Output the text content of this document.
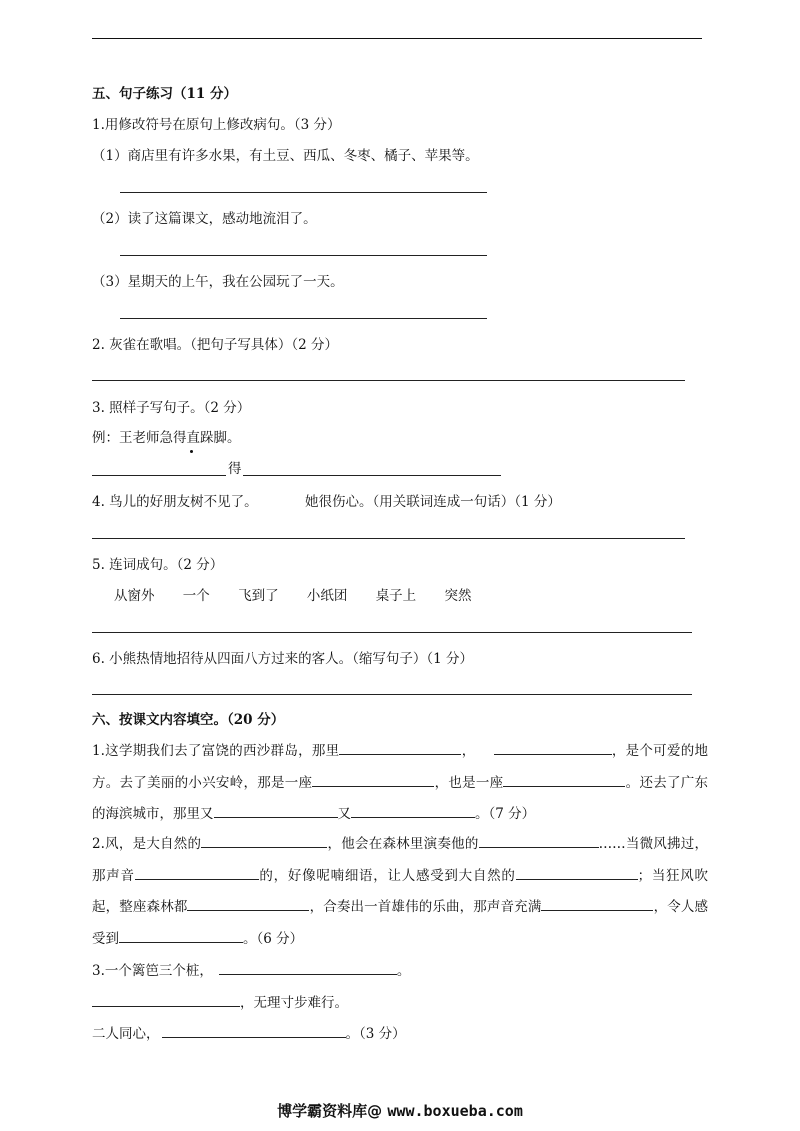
五、句子练习（11 分）
1.用修改符号在原句上修改病句。（3 分）
（1）商店里有许多水果，有土豆、西瓜、冬枣、橘子、苹果等。
（2）读了这篇课文，感动地流泪了。
（3）星期天的上午，我在公园玩了一天。
2. 灰雀在歌唱。（把句子写具体）（2 分）
3. 照样子写句子。（2 分）
例：王老师急得直跺脚。
得
4. 鸟儿的好朋友树不见了。	她很伤心。（用关联词连成一句话）（1 分）
5. 连词成句。（2 分）
从窗外 一个 飞到了 小纸团 桌子上 突然
6. 小熊热情地招待从四面八方过来的客人。（缩写句子）（1 分）
六、按课文内容填空。（20 分）
1.这学期我们去了富饶的西沙群岛，那里	，	，是个可爱的地方。去了美丽的小兴安岭，那是一座	，也是一座	。还去了广东的海滨城市，那里又	又	。（7 分）
2.风，是大自然的	，他会在森林里演奏他的	……当微风拂过，那声音	的，好像呢喃细语，让人感受到大自然的	；当狂风吹起，整座森林都	，合奏出一首雄伟的乐曲，那声音充满	，令人感受到	。（6 分）
3.一个篱笆三个桩，	。
，无理寸步难行。
二人同心，	。（3 分）
博学霸资料库@ www.boxueba.com
